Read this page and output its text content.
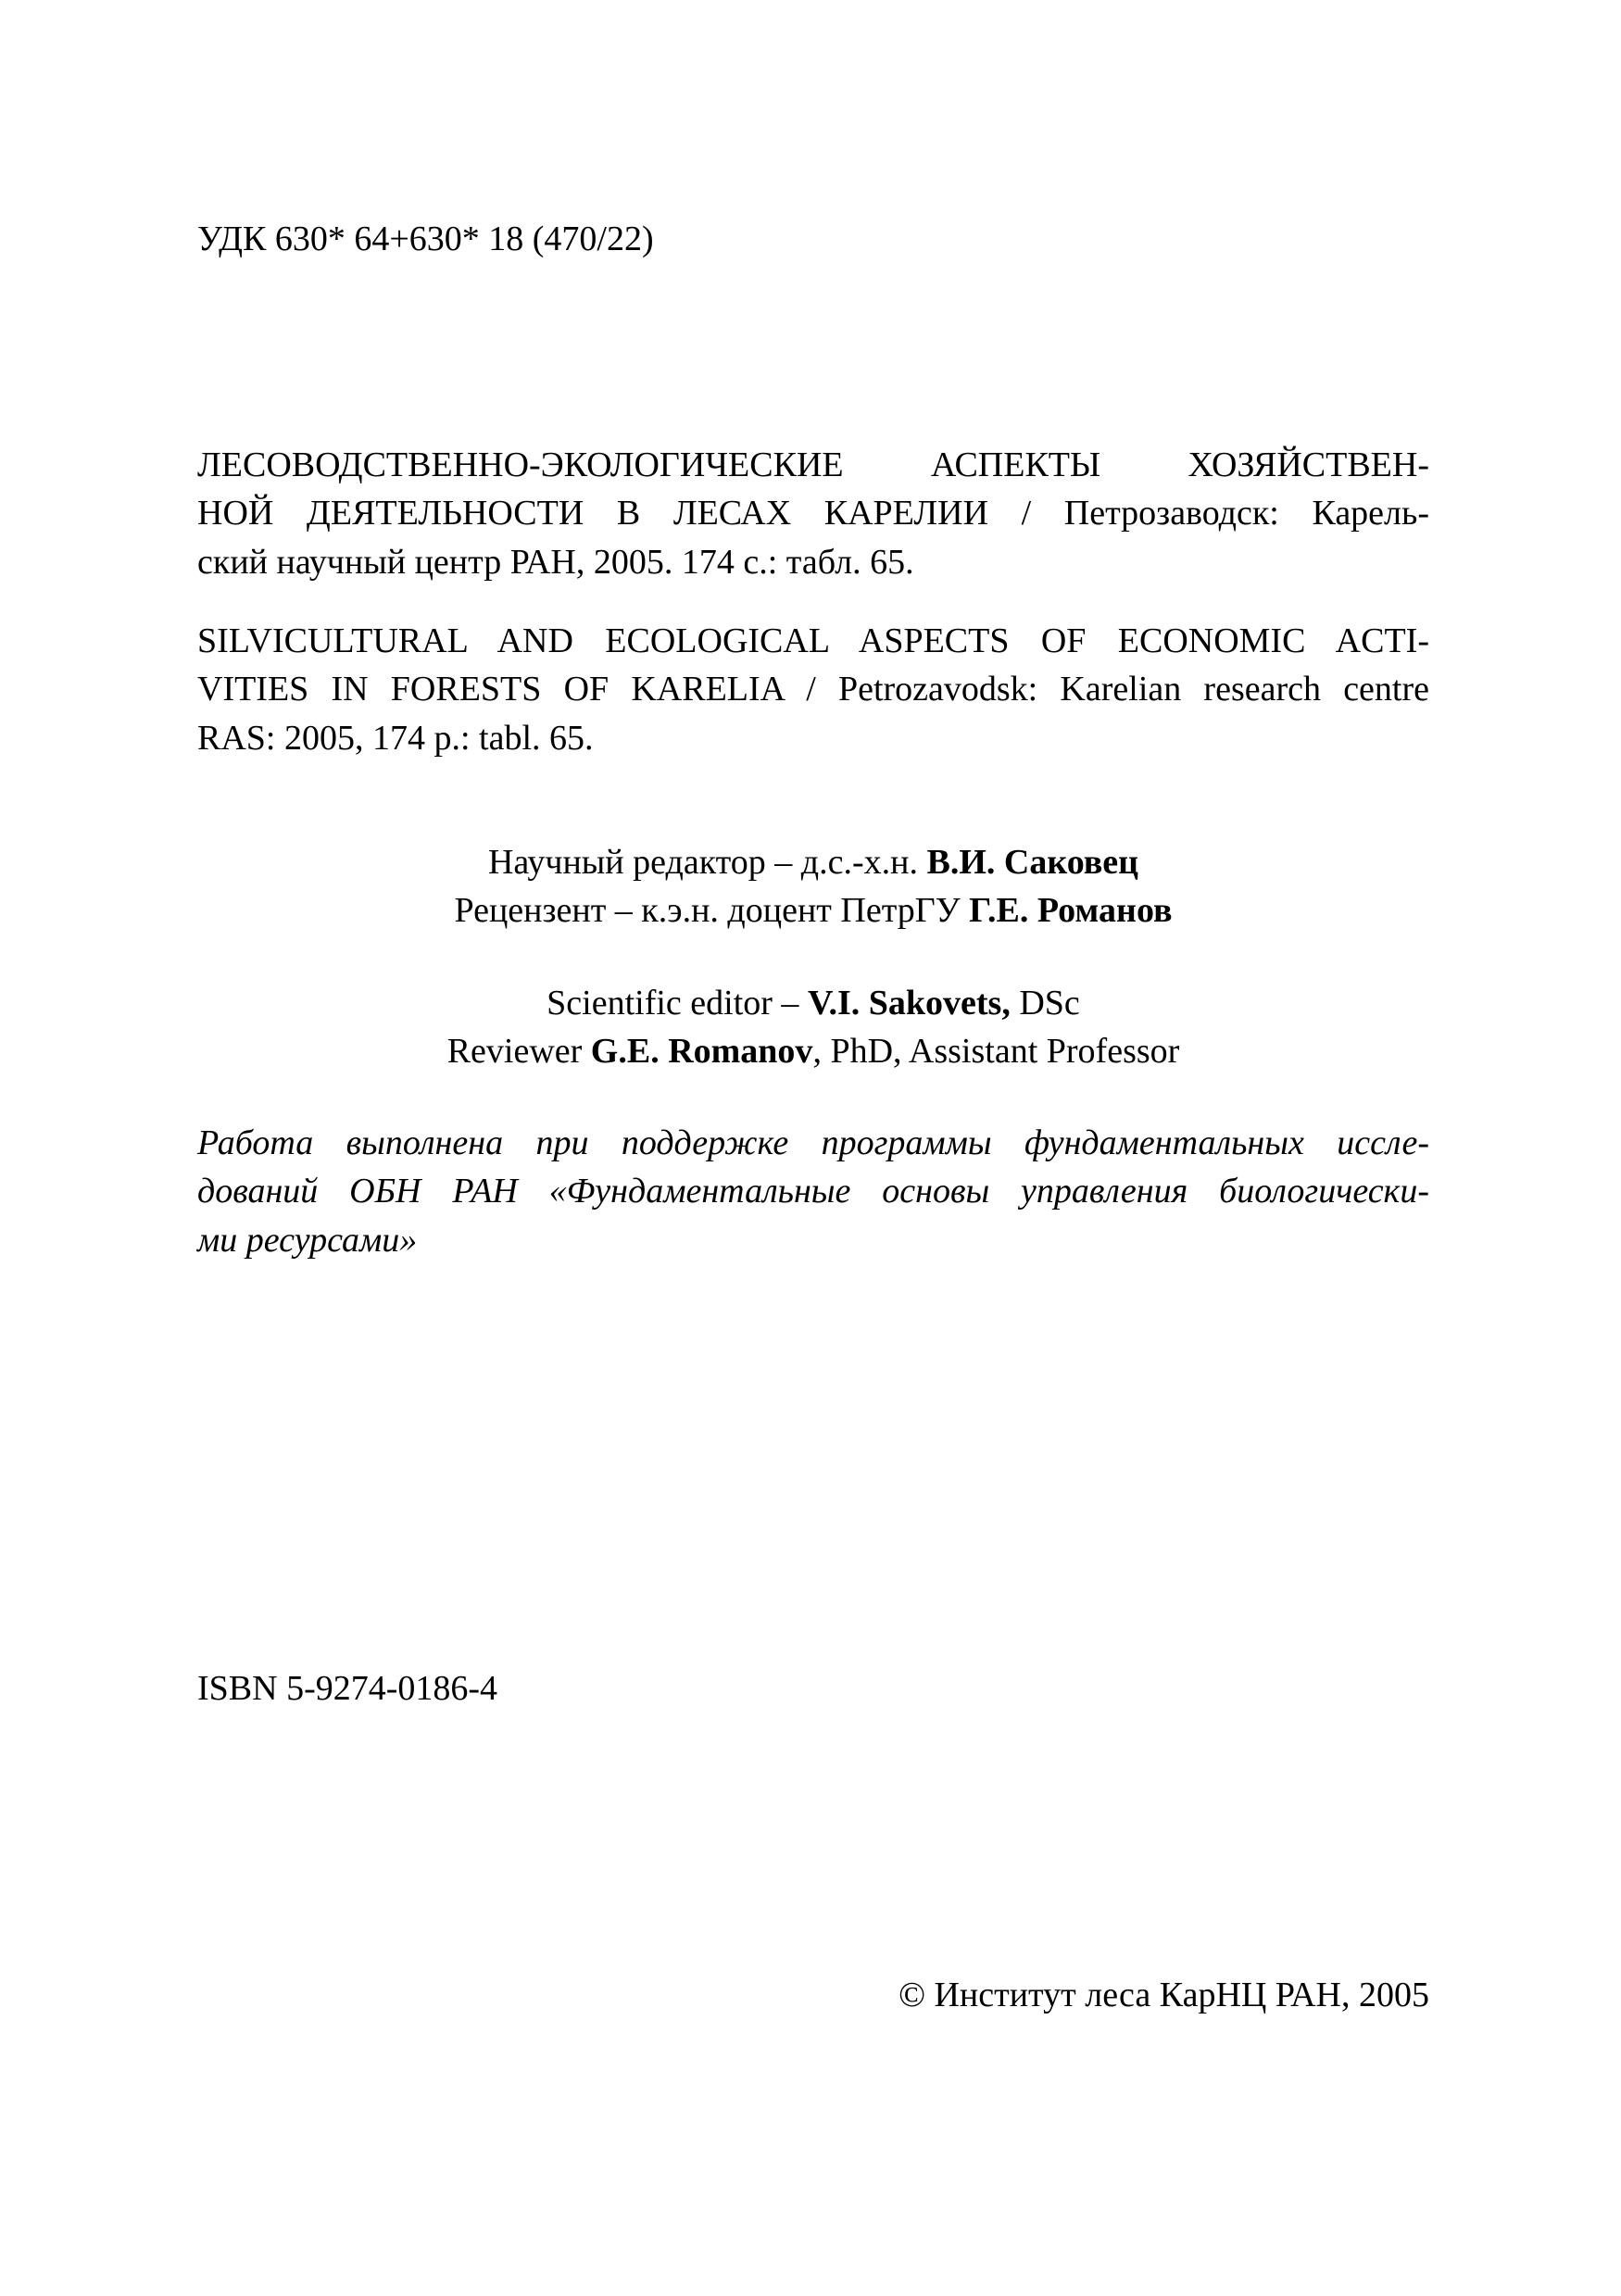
УДК 630* 64+630* 18 (470/22)
ЛЕСОВОДСТВЕННО-ЭКОЛОГИЧЕСКИЕ АСПЕКТЫ ХОЗЯЙСТВЕН-
НОЙ ДЕЯТЕЛЬНОСТИ В ЛЕСАХ КАРЕЛИИ / Петрозаводск: Карель-
ский научный центр РАН, 2005. 174 с.: табл. 65.
SILVICULTURAL AND ECOLOGICAL ASPECTS OF ECONOMIC ACTI-
VITIES IN FORESTS OF KARELIA / Petrozavodsk: Karelian research centre
RAS: 2005, 174 p.: tabl. 65.
Научный редактор – д.с.-х.н. В.И. Саковец
Рецензент – к.э.н. доцент ПетрГУ Г.Е. Романов
Scientific editor – V.I. Sakovets, DSc
Reviewer G.E. Romanov, PhD, Assistant Professor
Работа выполнена при поддержке программы фундаментальных иссле-
дований ОБН РАН «Фундаментальные основы управления биологически-
ми ресурсами»
ISBN 5-9274-0186-4
© Институт леса КарНЦ РАН, 2005
